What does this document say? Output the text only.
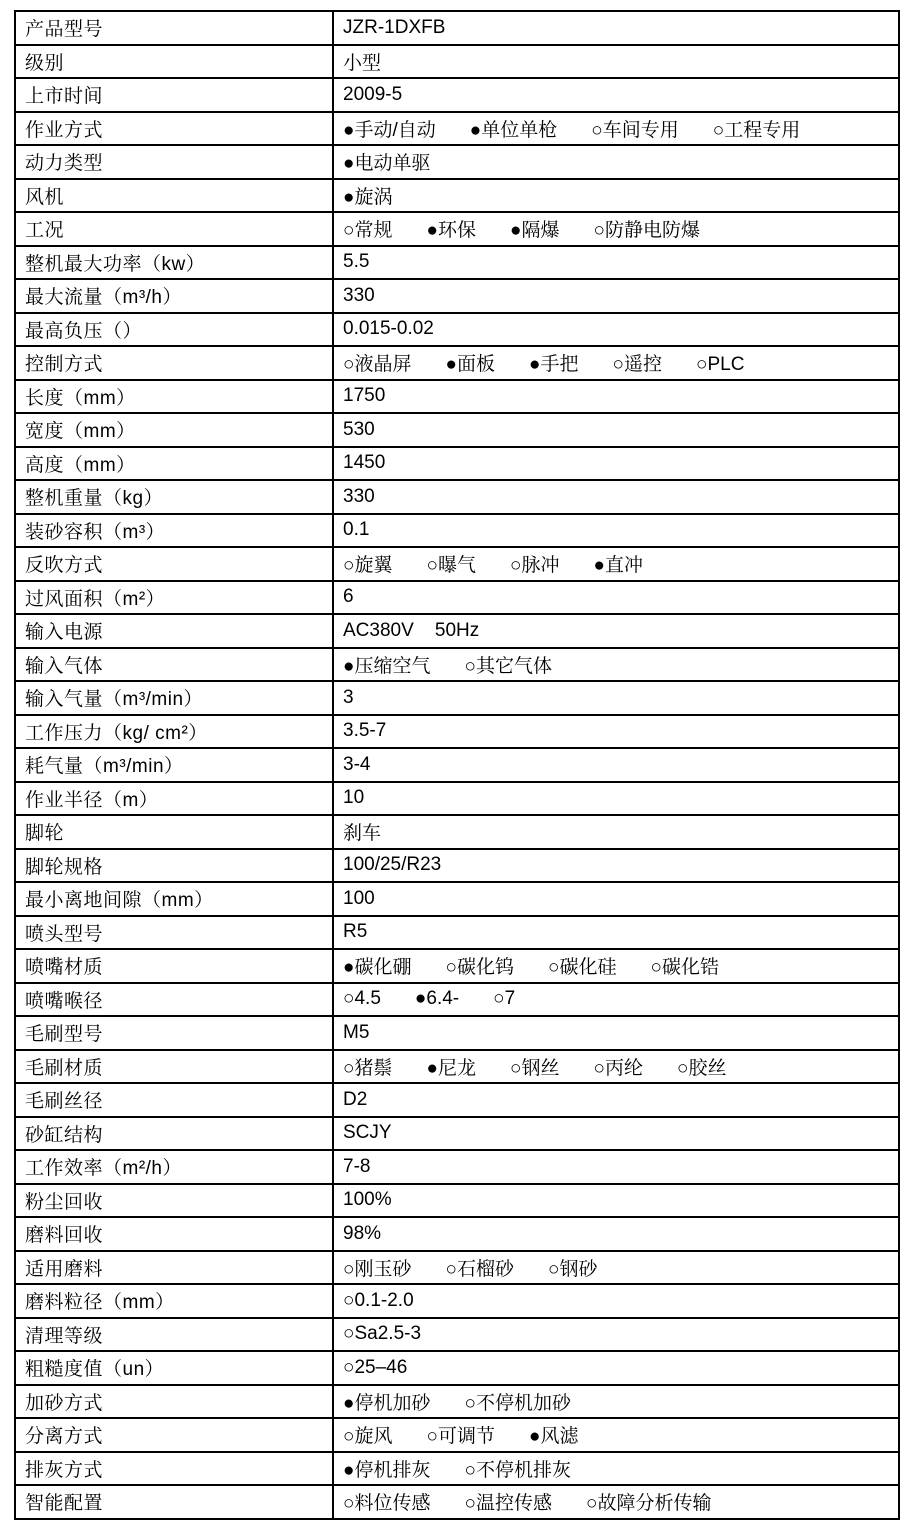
产品型号	JZR-1DXFB
级别	小型
上市时间	2009-5
作业方式	●手动/自动 ●单位单枪 ○车间专用 ○工程专用
动力类型	●电动单驱
风机	●旋涡
工况	○常规 ●环保 ●隔爆 ○防静电防爆
整机最大功率（kw）	5.5
最大流量（m³/h）	330
最高负压（）	0.015-0.02
控制方式	○液晶屏 ●面板 ●手把 ○遥控 ○PLC
长度（mm）	1750
宽度（mm）	530
高度（mm）	1450
整机重量（kg）	330
装砂容积（m³）	0.1
反吹方式	○旋翼 ○曝气 ○脉冲 ●直冲
过风面积（m²）	6
输入电源	AC380V    50Hz
输入气体	●压缩空气 ○其它气体
输入气量（m³/min）	3
工作压力（kg/ cm²）	3.5-7
耗气量（m³/min）	3-4
作业半径（m）	10
脚轮	刹车
脚轮规格	100/25/R23
最小离地间隙（mm）	100
喷头型号	R5
喷嘴材质	●碳化硼 ○碳化钨 ○碳化硅 ○碳化锆
喷嘴喉径	○4.5 ●6.4- ○7
毛刷型号	M5
毛刷材质	○猪鬃 ●尼龙 ○钢丝 ○丙纶 ○胶丝
毛刷丝径	D2
砂缸结构	SCJY
工作效率（m²/h）	7-8
粉尘回收	100%
磨料回收	98%
适用磨料	○刚玉砂 ○石榴砂 ○钢砂
磨料粒径（mm）	○0.1-2.0
清理等级	○Sa2.5-3
粗糙度值（un）	○25–46
加砂方式	●停机加砂 ○不停机加砂
分离方式	○旋风 ○可调节 ●风滤
排灰方式	●停机排灰 ○不停机排灰
智能配置	○料位传感 ○温控传感 ○故障分析传输
